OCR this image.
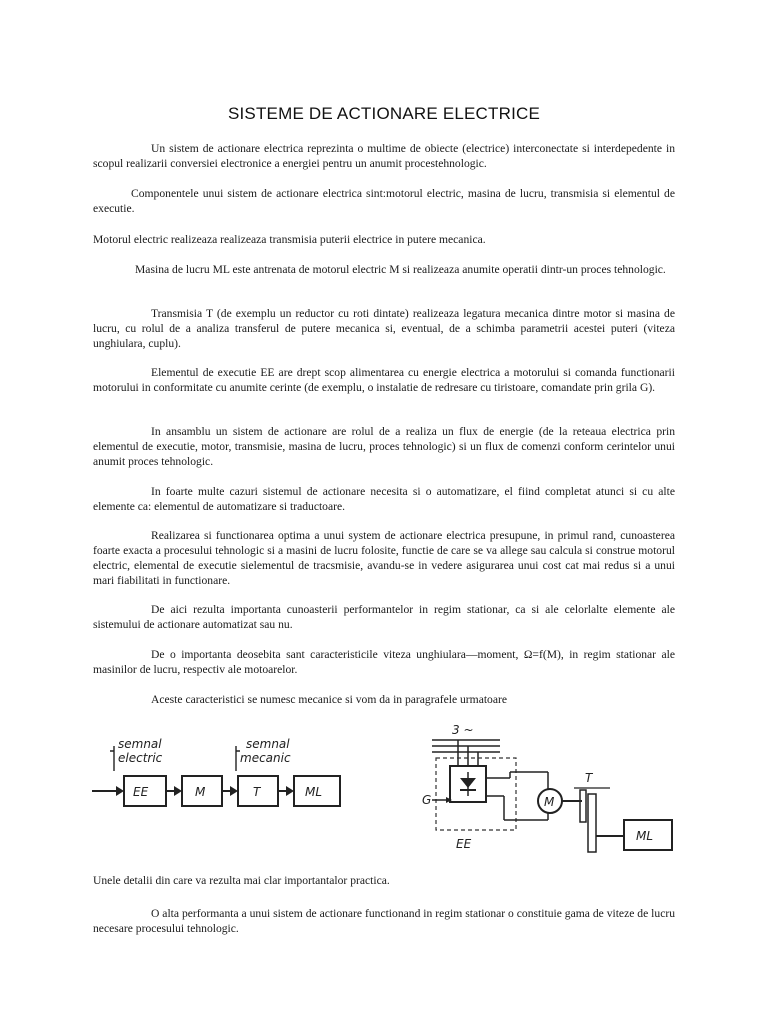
SISTEME DE ACTIONARE ELECTRICE
Un sistem de actionare electrica reprezinta o multime de obiecte (electrice) interconectate si interdepedente in scopul realizarii conversiei electronice a energiei pentru un anumit procestehnologic.
Componentele unui sistem de actionare electrica sint:motorul electric, masina de lucru, transmisia si elementul de executie.
Motorul electric realizeaza realizeaza transmisia puterii electrice in putere mecanica.
Masina de lucru ML este antrenata de motorul electric M si realizeaza anumite operatii dintr-un proces tehnologic.
Transmisia T (de exemplu un reductor cu roti dintate) realizeaza legatura mecanica dintre motor si masina de lucru, cu rolul de a analiza transferul de putere mecanica si, eventual, de a schimba parametrii acestei puteri (viteza unghiulara, cuplu).
Elementul de executie EE are drept scop alimentarea cu energie electrica a motorului si comanda functionarii motorului in conformitate cu anumite cerinte (de exemplu, o instalatie de redresare cu tiristoare, comandate prin grila G).
In ansamblu un sistem de actionare are rolul de a realiza un flux de energie (de la reteaua electrica prin elementul de executie, motor, transmisie, masina de lucru, proces tehnologic) si un flux de comenzi conform cerintelor unui anumit proces tehnologic.
In foarte multe cazuri sistemul de actionare necesita si o automatizare, el fiind completat atunci si cu alte elemente ca: elementul de automatizare si traductoare.
Realizarea si functionarea optima a unui system de actionare electrica presupune, in primul rand, cunoasterea foarte exacta a procesului tehnologic si a masini de lucru folosite, functie de care se va allege sau calcula si construe motorul electric, elemental de executie sielementul de tracsmisie, avandu-se in vedere asigurarea unui cost cat mai redus si a unui mari fiabilitati in functionare.
De aici rezulta importanta cunoasterii performantelor in regim stationar, ca si ale celorlalte elemente ale sistemului de actionare automatizat sau nu.
De o importanta deosebita sant caracteristicile viteza unghiulara—moment, Ω=f(M), in regim stationar ale masinilor de lucru, respectiv ale motoarelor.
Aceste caracteristici se numesc mecanice si vom da in paragrafele urmatoare
semnal
electric
semnal
mecanic
EE	M	T	ML
3 ~
G
EE
M
T
ML
Unele detalii din care va rezulta mai clar importantalor practica.
O alta performanta a unui sistem de actionare functionand in regim stationar o constituie gama de viteze de lucru necesare procesului tehnologic.
